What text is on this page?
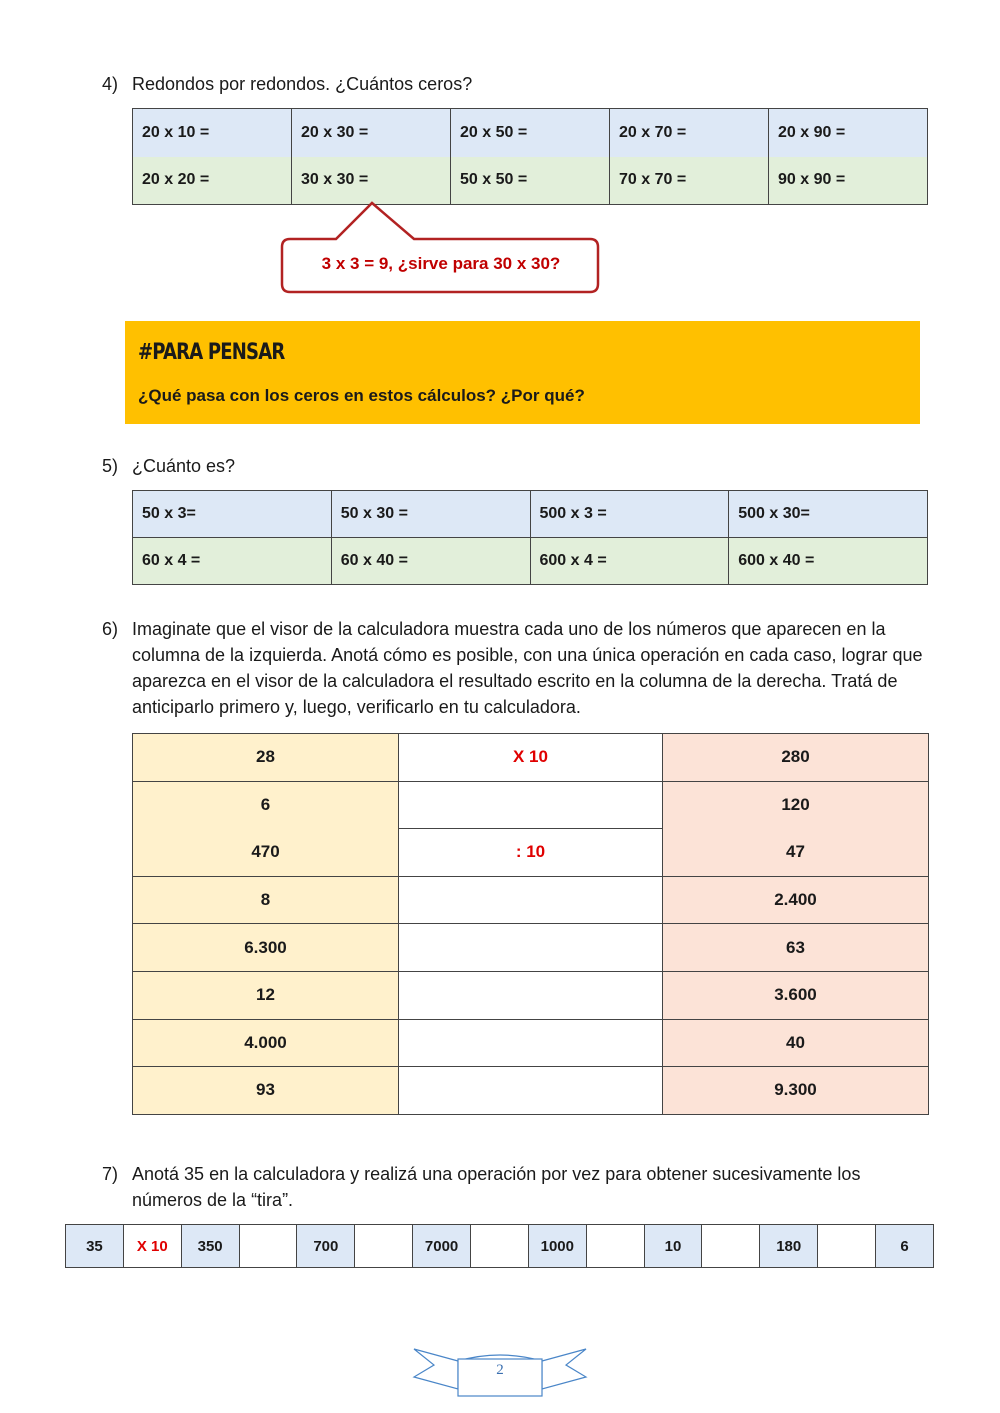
4) Redondos por redondos. ¿Cuántos ceros?
20 x 10 =	20 x 30 =	20 x 50 =	20 x 70 =	20 x 90 =
20 x 20 =	30 x 30 =	50 x 50 =	70 x 70 =	90 x 90 =
3 x 3 = 9, ¿sirve para 30 x 30?
#PARA PENSAR
¿Qué pasa con los ceros en estos cálculos? ¿Por qué?
5) ¿Cuánto es?
50 x 3=	50 x 30 =	500 x 3 =	500 x 30=
60 x 4 =	60 x 40 =	600 x 4 =	600 x 40 =
6) Imaginate que el visor de la calculadora muestra cada uno de los números que aparecen en la columna de la izquierda. Anotá cómo es posible, con una única operación en cada caso, lograr que aparezca en el visor de la calculadora el resultado escrito en la columna de la derecha. Tratá de anticiparlo primero y, luego, verificarlo en tu calculadora.
28	X 10	280
6		120
470	: 10	47
8		2.400
6.300		63
12		3.600
4.000		40
93		9.300
7) Anotá 35 en la calculadora y realizá una operación por vez para obtener sucesivamente los números de la “tira”.
35	X 10	350		700		7000		1000		10		180		6
2
